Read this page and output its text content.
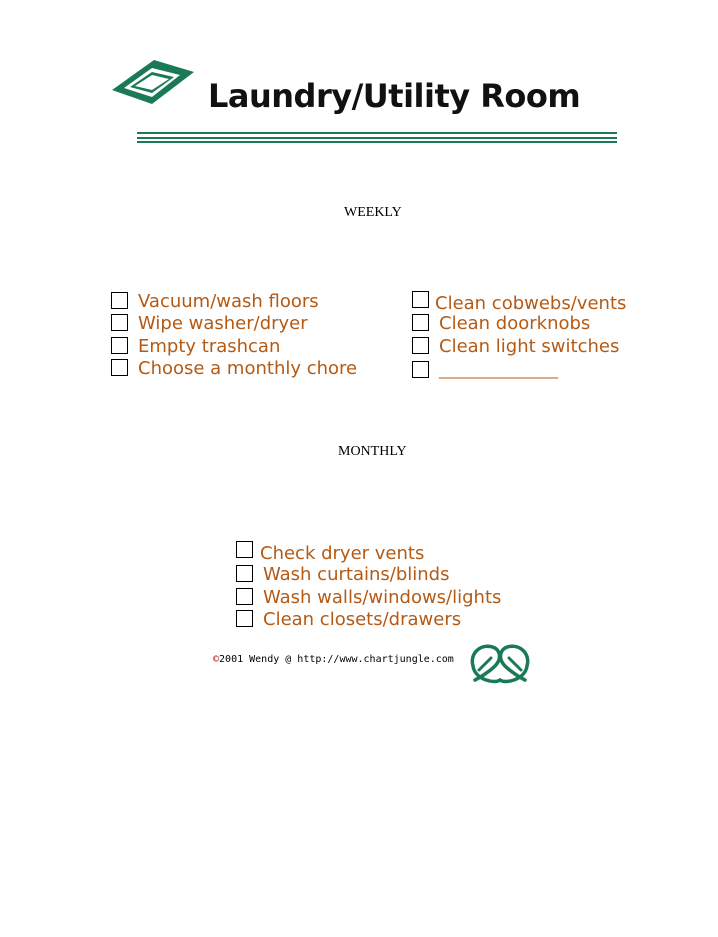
Laundry/Utility Room
WEEKLY
Vacuum/wash floors
Wipe washer/dryer
Empty trashcan
Choose a monthly chore
Clean cobwebs/vents
Clean doorknobs
Clean light switches
_________________
MONTHLY
Check dryer vents
Wash curtains/blinds
Wash walls/windows/lights
Clean closets/drawers
©2001 Wendy @ http://www.chartjungle.com
